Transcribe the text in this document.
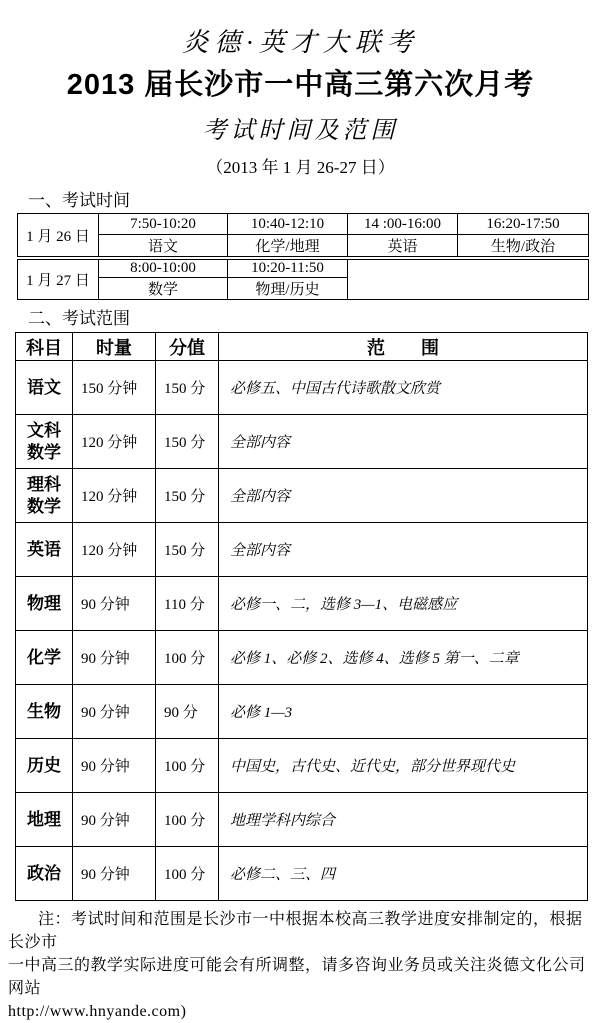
炎德·英才大联考
2013 届长沙市一中高三第六次月考
考试时间及范围
（2013 年 1 月 26-27 日）
一、考试时间
1 月 26 日	7:50-10:20	10:40-12:10	14 :00-16:00	16:20-17:50
	语文	化学/地理	英语	生物/政治
1 月 27 日	8:00-10:00	10:20-11:50	
	数学	物理/历史	
二、考试范围
科目	时量	分值	范　　围
语文	150 分钟	150 分	必修五、中国古代诗歌散文欣赏
文科数学	120 分钟	150 分	全部内容
理科数学	120 分钟	150 分	全部内容
英语	120 分钟	150 分	全部内容
物理	90 分钟	110 分	必修一、二，选修 3—1、电磁感应
化学	90 分钟	100 分	必修 1、必修 2、选修 4、选修 5 第一、二章
生物	90 分钟	90 分	必修 1—3
历史	90 分钟	100 分	中国史，古代史、近代史，部分世界现代史
地理	90 分钟	100 分	地理学科内综合
政治	90 分钟	100 分	必修二、三、四
注：考试时间和范围是长沙市一中根据本校高三教学进度安排制定的，根据长沙市
一中高三的教学实际进度可能会有所调整，请多咨询业务员或关注炎德文化公司网站
http://www.hnyande.com)
